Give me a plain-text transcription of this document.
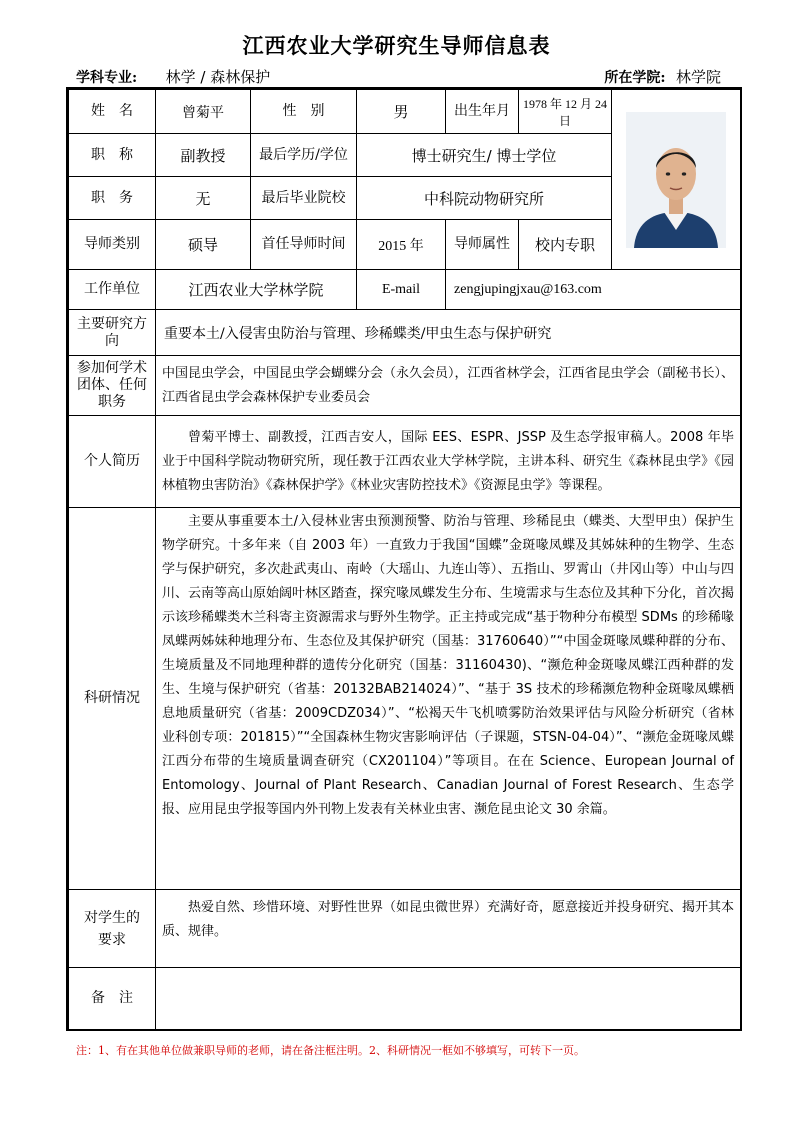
江西农业大学研究生导师信息表
学科专业: 林学 / 森林保护	所在学院: 林学院
姓　名	曾菊平	性　别	男	出生年月	1978 年 12 月 24 日	

职　称	副教授	最后学历/学位	博士研究生/ 博士学位			
职　务	无	最后毕业院校	中科院动物研究所			
导师类别	硕导	首任导师时间	2015 年	导师属性	校内专职	
工作单位	江西农业大学林学院		E-mail	zengjupingjxau@163.com		
主要研究方向	重要本土/入侵害虫防治与管理、珍稀蝶类/甲虫生态与保护研究					
参加何学术团体、任何职务	中国昆虫学会，中国昆虫学会蝴蝶分会（永久会员），江西省林学会，江西省昆虫学会（副秘书长）、江西省昆虫学会森林保护专业委员会					
个人简历	曾菊平博士、副教授，江西吉安人，国际 EES、ESPR、JSSP 及生态学报审稿人。2008 年毕业于中国科学院动物研究所，现任教于江西农业大学林学院，主讲本科、研究生《森林昆虫学》《园林植物虫害防治》《森林保护学》《林业灾害防控技术》《资源昆虫学》等课程。					
科研情况	主要从事重要本土/入侵林业害虫预测预警、防治与管理、珍稀昆虫（蝶类、大型甲虫）保护生物学研究。十多年来（自 2003 年）一直致力于我国“国蝶”金斑喙凤蝶及其姊妹种的生物学、生态学与保护研究，多次赴武夷山、南岭（大瑶山、九连山等）、五指山、罗霄山（井冈山等）中山与四川、云南等高山原始阔叶林区踏查，探究喙凤蝶发生分布、生境需求与生态位及其种下分化，首次揭示该珍稀蝶类木兰科寄主资源需求与野外生物学。正主持或完成“基于物种分布模型 SDMs 的珍稀喙凤蝶两姊妹种地理分布、生态位及其保护研究（国基：31760640）”“中国金斑喙凤蝶种群的分布、生境质量及不同地理种群的遗传分化研究（国基：31160430)、“濒危种金斑喙凤蝶江西种群的发生、生境与保护研究（省基：20132BAB214024）”、“基于 3S 技术的珍稀濒危物种金斑喙凤蝶栖息地质量研究（省基：2009CDZ034）”、“松褐天牛飞机喷雾防治效果评估与风险分析研究（省林业科创专项：201815）”“全国森林生物灾害影响评估（子课题，STSN-04-04）”、“濒危金斑喙凤蝶江西分布带的生境质量调查研究（CX201104）”等项目。在在 Science、European Journal of Entomology、Journal of Plant Research、Canadian Journal of Forest Research、生态学报、应用昆虫学报等国内外刊物上发表有关林业虫害、濒危昆虫论文 30 余篇。					
对学生的要求	热爱自然、珍惜环境、对野性世界（如昆虫微世界）充满好奇，愿意接近并投身研究、揭开其本质、规律。					
备　注						
注：1、有在其他单位做兼职导师的老师，请在备注框注明。2、科研情况一框如不够填写，可转下一页。
